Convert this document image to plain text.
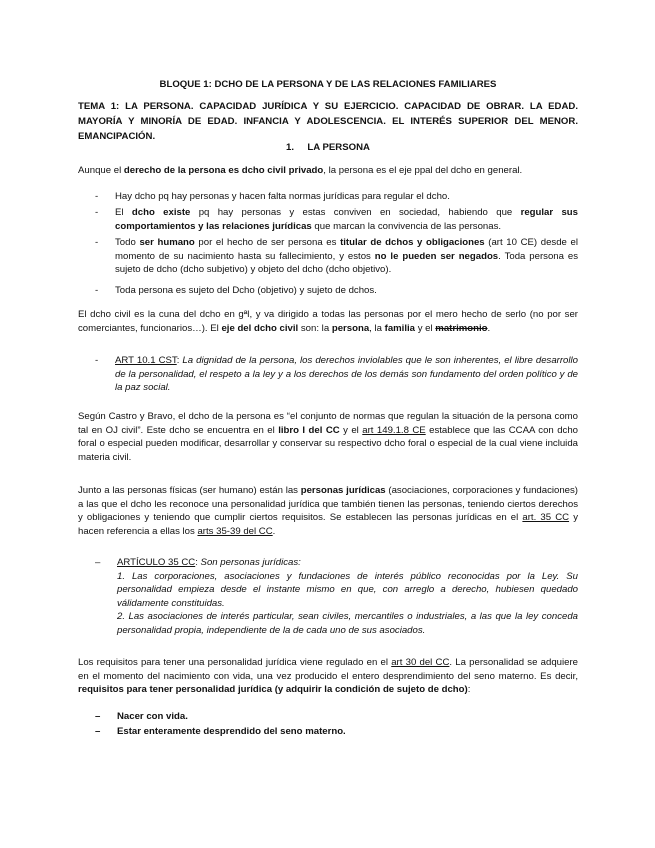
BLOQUE 1: DCHO DE LA PERSONA Y DE LAS RELACIONES FAMILIARES
TEMA 1: LA PERSONA. CAPACIDAD JURÍDICA Y SU EJERCICIO. CAPACIDAD DE OBRAR. LA EDAD. MAYORÍA Y MINORÍA DE EDAD. INFANCIA Y ADOLESCENCIA. EL INTERÉS SUPERIOR DEL MENOR. EMANCIPACIÓN.
1. LA PERSONA
Aunque el derecho de la persona es dcho civil privado, la persona es el eje ppal del dcho en general.
- Hay dcho pq hay personas y hacen falta normas jurídicas para regular el dcho.
- El dcho existe pq hay personas y estas conviven en sociedad, habiendo que regular sus comportamientos y las relaciones jurídicas que marcan la convivencia de las personas.
- Todo ser humano por el hecho de ser persona es titular de dchos y obligaciones (art 10 CE) desde el momento de su nacimiento hasta su fallecimiento, y estos no le pueden ser negados. Toda persona es sujeto de dcho (dcho subjetivo) y objeto del dcho (dcho objetivo).
- Toda persona es sujeto del Dcho (objetivo) y sujeto de dchos.
El dcho civil es la cuna del dcho en gªl, y va dirigido a todas las personas por el mero hecho de serlo (no por ser comerciantes, funcionarios…). El eje del dcho civil son: la persona, la familia y el matrimonio.
- ART 10.1 CST: La dignidad de la persona, los derechos inviolables que le son inherentes, el libre desarrollo de la personalidad, el respeto a la ley y a los derechos de los demás son fundamento del orden político y de la paz social.
Según Castro y Bravo, el dcho de la persona es “el conjunto de normas que regulan la situación de la persona como tal en OJ civil”. Este dcho se encuentra en el libro I del CC y el art 149.1.8 CE establece que las CCAA con dcho foral o especial pueden modificar, desarrollar y conservar su respectivo dcho foral o especial de la cual viene incluida materia civil.
Junto a las personas físicas (ser humano) están las personas jurídicas (asociaciones, corporaciones y fundaciones) a las que el dcho les reconoce una personalidad jurídica que también tienen las personas, teniendo ciertos derechos y obligaciones y teniendo que cumplir ciertos requisitos. Se establecen las personas jurídicas en el art. 35 CC y hacen referencia a ellas los arts 35-39 del CC.
– ARTÍCULO 35 CC: Son personas jurídicas:
1. Las corporaciones, asociaciones y fundaciones de interés público reconocidas por la Ley. Su personalidad empieza desde el instante mismo en que, con arreglo a derecho, hubiesen quedado válidamente constituidas.
2. Las asociaciones de interés particular, sean civiles, mercantiles o industriales, a las que la ley conceda personalidad propia, independiente de la de cada uno de sus asociados.
Los requisitos para tener una personalidad jurídica viene regulado en el art 30 del CC. La personalidad se adquiere en el momento del nacimiento con vida, una vez producido el entero desprendimiento del seno materno. Es decir, requisitos para tener personalidad jurídica (y adquirir la condición de sujeto de dcho):
– Nacer con vida.
– Estar enteramente desprendido del seno materno.
